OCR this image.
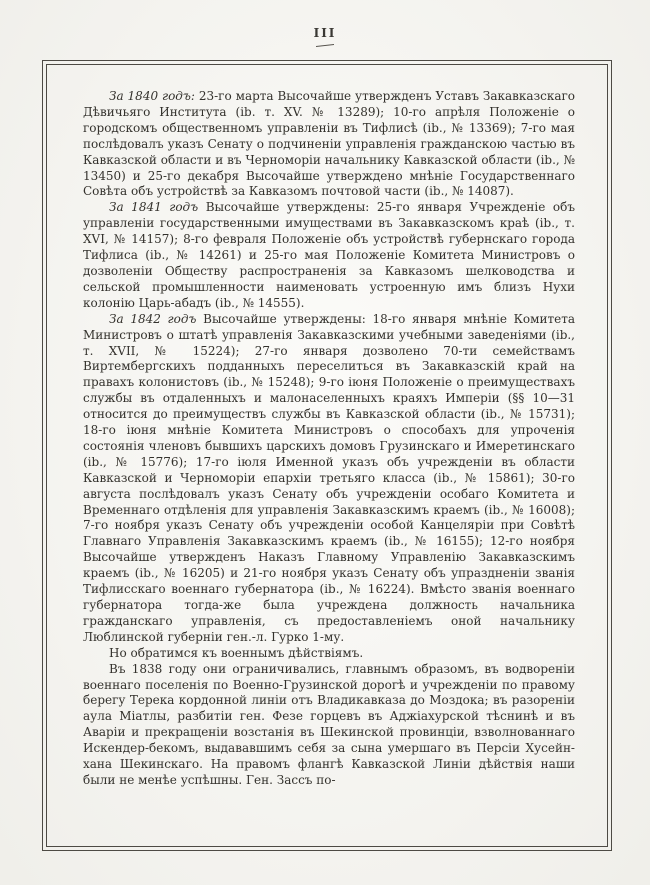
III

За 1840 годъ: 23-го марта Высочайше утвержденъ Уставъ Закавказскаго Дѣвичьяго Института (ib. т. XV. № 13289); 10-го апрѣля Положеніе о городскомъ общественномъ управленіи въ Тифлисѣ (ib., № 13369); 7-го мая послѣдовалъ указъ Сенату о подчиненіи управленія гражданскою частью въ Кавказской области и въ Черноморіи начальнику Кавказской области (ib., № 13450) и 25-го декабря Высочайше утверждено мнѣніе Государственнаго Совѣта объ устройствѣ за Кавказомъ почтовой части (ib., № 14087).

За 1841 годъ Высочайше утверждены: 25-го января Учрежденіе объ управленіи государственными имуществами въ Закавказскомъ краѣ (ib., т. XVI, № 14157); 8-го февраля Положеніе объ устройствѣ губернскаго города Тифлиса (ib., № 14261) и 25-го мая Положеніе Комитета Министровъ о дозволеніи Обществу распространенія за Кавказомъ шелководства и сельской промышленности наименовать устроенную имъ близъ Нухи колонію Царь-абадъ (ib., № 14555).

За 1842 годъ Высочайше утверждены: 18-го января мнѣніе Комитета Министровъ о штатѣ управленія Закавказскими учебными заведеніями (ib., т. XVII, № 15224); 27-го января дозволено 70-ти семействамъ Виртембергскихъ подданныхъ переселиться въ Закавказскій край на правахъ колонистовъ (ib., № 15248); 9-го іюня Положеніе о преимуществахъ службы въ отдаленныхъ и малонаселенныхъ краяхъ Имперіи (§§ 10—31 относится до преимуществъ службы въ Кавказской области (ib., № 15731); 18-го іюня мнѣніе Комитета Министровъ о способахъ для упроченія состоянія членовъ бывшихъ царскихъ домовъ Грузинскаго и Имеретинскаго (ib., № 15776); 17-го іюля Именной указъ объ учрежденіи въ области Кавказской и Черноморіи епархіи третьяго класса (ib., № 15861); 30-го августа послѣдовалъ указъ Сенату объ учрежденіи особаго Комитета и Временнаго отдѣленія для управленія Закавказскимъ краемъ (ib., № 16008); 7-го ноября указъ Сенату объ учрежденіи особой Канцеляріи при Совѣтѣ Главнаго Управленія Закавказскимъ краемъ (ib., № 16155); 12-го ноября Высочайше утвержденъ Наказъ Главному Управленію Закавказскимъ краемъ (ib., № 16205) и 21-го ноября указъ Сенату объ упраздненіи званія Тифлисскаго военнаго губернатора (ib., № 16224). Вмѣсто званія военнаго губернатора тогда-же была учреждена должность начальника гражданскаго управленія, съ предоставленіемъ оной начальнику Люблинской губерніи ген.-л. Гурко 1-му.

Но обратимся къ военнымъ дѣйствіямъ.

Въ 1838 году они ограничивались, главнымъ образомъ, въ водвореніи военнаго поселенія по Военно-Грузинской дорогѣ и учрежденіи по правому берегу Терека кордонной линіи отъ Владикавказа до Моздока; въ разореніи аула Міатлы, разбитіи ген. Фезе горцевъ въ Аджіахурской тѣснинѣ и въ Аваріи и прекращеніи возстанія въ Шекинской провинціи, взволнованнаго Искендер-бекомъ, выдававшимъ себя за сына умершаго въ Персіи Хусейн-хана Шекинскаго. На правомъ флангѣ Кавказской Линіи дѣйствія наши были не менѣе успѣшны. Ген. Зассъ по-
